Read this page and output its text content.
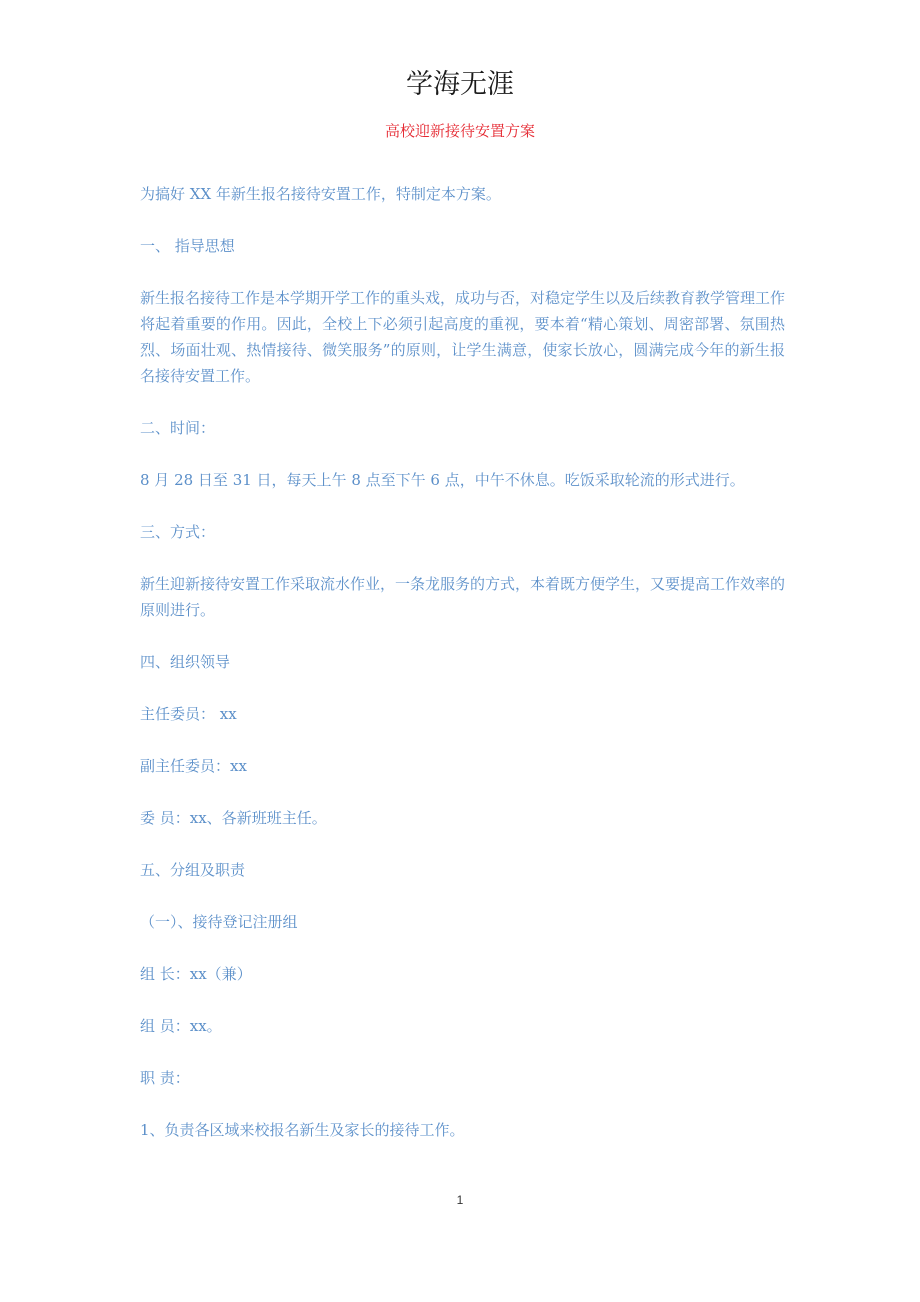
学海无涯
高校迎新接待安置方案

为搞好 XX 年新生报名接待安置工作，特制定本方案。

一、 指导思想

新生报名接待工作是本学期开学工作的重头戏，成功与否，对稳定学生以及后续教育教学管理工作将起着重要的作用。因此，全校上下必须引起高度的重视，要本着“精心策划、周密部署、氛围热烈、场面壮观、热情接待、微笑服务”的原则，让学生满意，使家长放心，圆满完成今年的新生报名接待安置工作。

二、时间：

8 月 28 日至 31 日，每天上午 8 点至下午 6 点，中午不休息。吃饭采取轮流的形式进行。

三、方式：

新生迎新接待安置工作采取流水作业，一条龙服务的方式，本着既方便学生，又要提高工作效率的原则进行。

四、组织领导

主任委员： xx

副主任委员：xx

委 员：xx、各新班班主任。

五、分组及职责

（一）、接待登记注册组

组 长：xx（兼）

组 员：xx。

职 责：

1、负责各区域来校报名新生及家长的接待工作。

1
